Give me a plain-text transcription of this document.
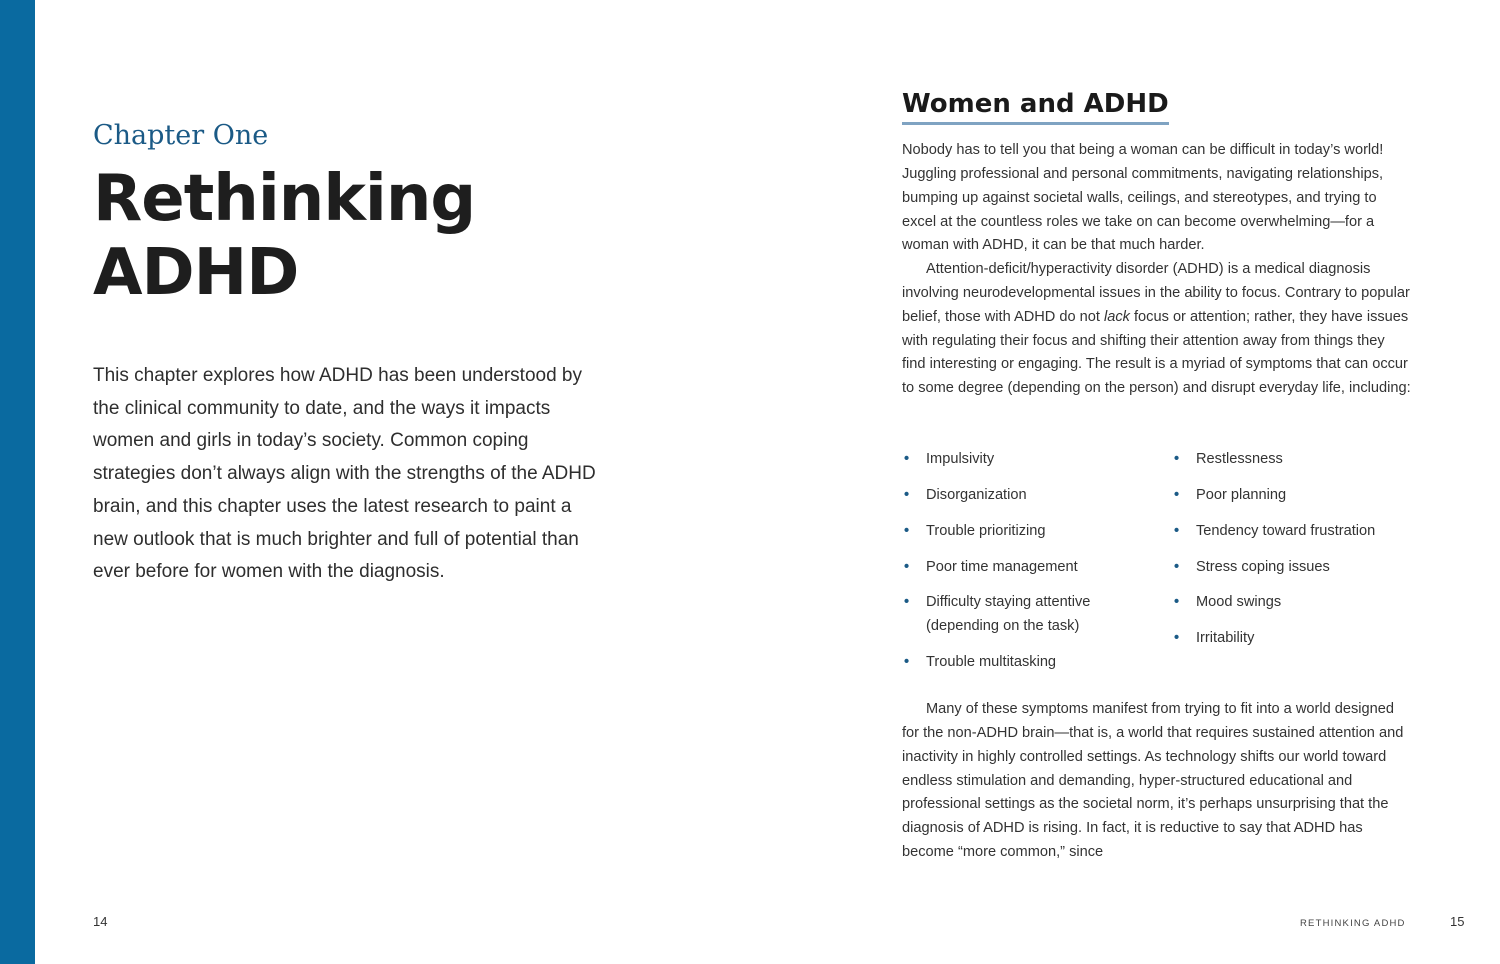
Chapter One
Rethinking
ADHD

This chapter explores how ADHD has been understood by the clinical community to date, and the ways it impacts women and girls in today’s society. Common coping strategies don’t always align with the strengths of the ADHD brain, and this chapter uses the latest research to paint a new outlook that is much brighter and full of potential than ever before for women with the diagnosis.

14
Women and ADHD

Nobody has to tell you that being a woman can be difficult in today’s world! Juggling professional and personal commitments, navigating relationships, bumping up against societal walls, ceilings, and stereotypes, and trying to excel at the countless roles we take on can become overwhelming—for a woman with ADHD, it can be that much harder.

Attention-deficit/hyperactivity disorder (ADHD) is a medical diagnosis involving neurodevelopmental issues in the ability to focus. Contrary to popular belief, those with ADHD do not lack focus or attention; rather, they have issues with regulating their focus and shifting their attention away from things they find interesting or engaging. The result is a myriad of symptoms that can occur to some degree (depending on the person) and disrupt everyday life, including:

• Impulsivity
• Disorganization
• Trouble prioritizing
• Poor time management
• Difficulty staying attentive (depending on the task)
• Trouble multitasking
• Restlessness
• Poor planning
• Tendency toward frustration
• Stress coping issues
• Mood swings
• Irritability

Many of these symptoms manifest from trying to fit into a world designed for the non-ADHD brain—that is, a world that requires sustained attention and inactivity in highly controlled settings. As technology shifts our world toward endless stimulation and demanding, hyper-structured educational and professional settings as the societal norm, it’s perhaps unsurprising that the diagnosis of ADHD is rising. In fact, it is reductive to say that ADHD has become “more common,” since

RETHINKING ADHD	15
